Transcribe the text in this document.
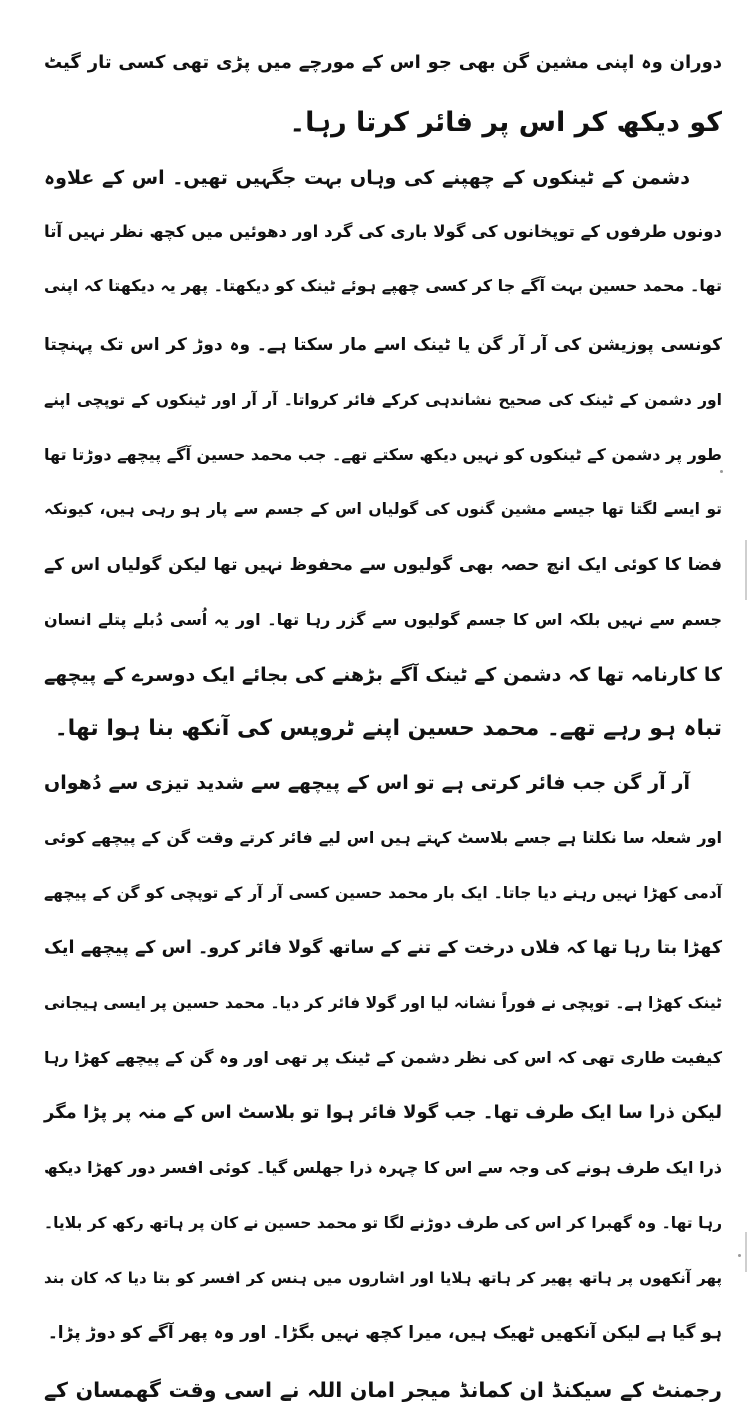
دوران وہ اپنی مشین گن بھی جو اس کے مورچے میں پڑی تھی کسی تار گیٹ
کو دیکھ کر اس پر فائر کرتا رہا۔
دشمن کے ٹینکوں کے چھپنے کی وہاں بہت جگہیں تھیں۔ اس کے علاوہ
دونوں طرفوں کے توپخانوں کی گولا باری کی گرد اور دھوئیں میں کچھ نظر نہیں آتا
تھا۔ محمد حسین بہت آگے جا کر کسی چھپے ہوئے ٹینک کو دیکھتا۔ پھر یہ دیکھتا کہ اپنی
کونسی پوزیشن کی آر آر گن یا ٹینک اسے مار سکتا ہے۔ وہ دوڑ کر اس تک پہنچتا
اور دشمن کے ٹینک کی صحیح نشاندہی کرکے فائر کرواتا۔ آر آر اور ٹینکوں کے توپچی اپنے
طور پر دشمن کے ٹینکوں کو نہیں دیکھ سکتے تھے۔ جب محمد حسین آگے پیچھے دوڑتا تھا
تو ایسے لگتا تھا جیسے مشین گنوں کی گولیاں اس کے جسم سے پار ہو رہی ہیں، کیونکہ
فضا کا کوئی ایک انچ حصہ بھی گولیوں سے محفوظ نہیں تھا لیکن گولیاں اس کے
جسم سے نہیں بلکہ اس کا جسم گولیوں سے گزر رہا تھا۔ اور یہ اُسی دُبلے پتلے انسان
کا کارنامہ تھا کہ دشمن کے ٹینک آگے بڑھنے کی بجائے ایک دوسرے کے پیچھے
تباہ ہو رہے تھے۔ محمد حسین اپنے ٹروپس کی آنکھ بنا ہوا تھا۔
آر آر گن جب فائر کرتی ہے تو اس کے پیچھے سے شدید تیزی سے دُھواں
اور شعلہ سا نکلتا ہے جسے بلاسٹ کہتے ہیں اس لیے فائر کرتے وقت گن کے پیچھے کوئی
آدمی کھڑا نہیں رہنے دیا جاتا۔ ایک بار محمد حسین کسی آر آر کے توپچی کو گن کے پیچھے
کھڑا بتا رہا تھا کہ فلاں درخت کے تنے کے ساتھ گولا فائر کرو۔ اس کے پیچھے ایک
ٹینک کھڑا ہے۔ توپچی نے فوراً نشانہ لیا اور گولا فائر کر دیا۔ محمد حسین پر ایسی ہیجانی
کیفیت طاری تھی کہ اس کی نظر دشمن کے ٹینک پر تھی اور وہ گن کے پیچھے کھڑا رہا
لیکن ذرا سا ایک طرف تھا۔ جب گولا فائر ہوا تو بلاسٹ اس کے منہ پر پڑا مگر
ذرا ایک طرف ہونے کی وجہ سے اس کا چہرہ ذرا جھلس گیا۔ کوئی افسر دور کھڑا دیکھ
رہا تھا۔ وہ گھبرا کر اس کی طرف دوڑنے لگا تو محمد حسین نے کان پر ہاتھ رکھ کر بلایا۔
پھر آنکھوں پر ہاتھ پھیر کر ہاتھ ہلایا اور اشاروں میں ہنس کر افسر کو بتا دیا کہ کان بند
ہو گیا ہے لیکن آنکھیں ٹھیک ہیں، میرا کچھ نہیں بگڑا۔ اور وہ پھر آگے کو دوڑ پڑا۔
رجمنٹ کے سیکنڈ ان کمانڈ میجر امان اللہ نے اسی وقت گھمسان کے
